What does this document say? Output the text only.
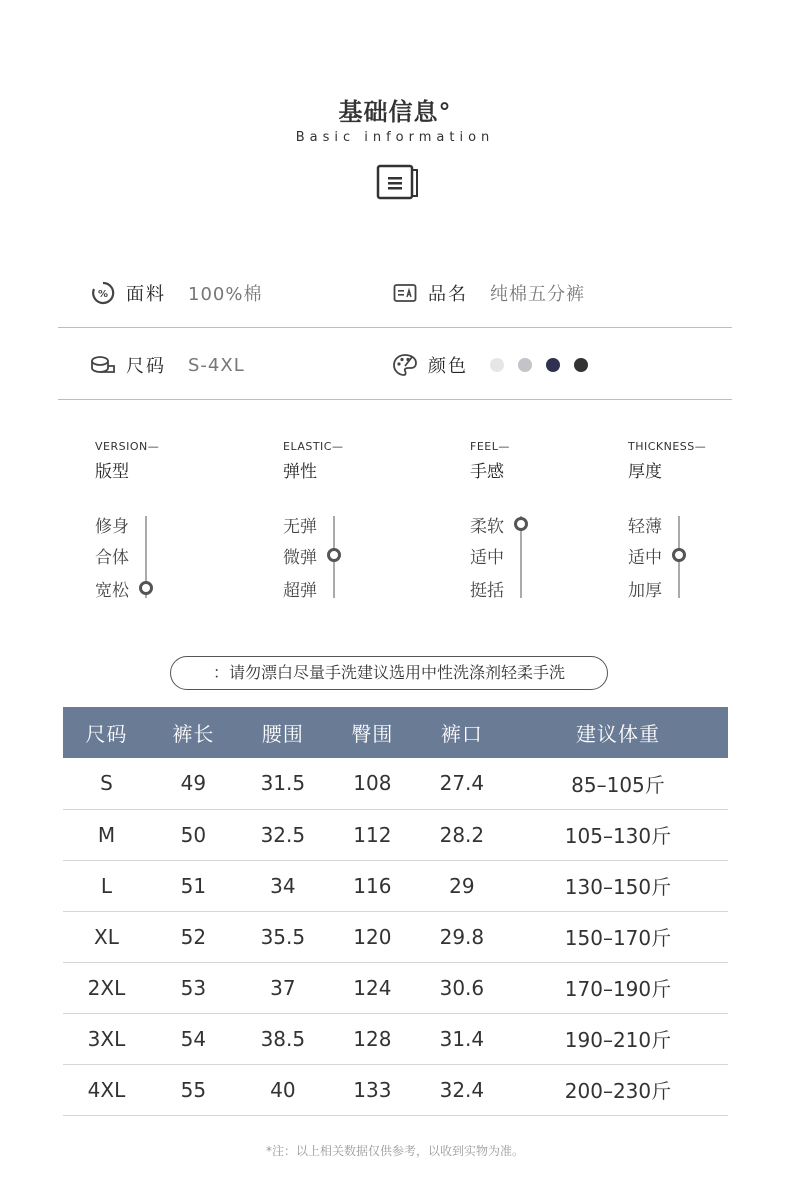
基础信息°
Basic information
% 面料 100%棉	品名 纯棉五分裤
尺码 S-4XL	颜色
VERSION—
版型
修身
合体
宽松
ELASTIC—
弹性
无弹
微弹
超弹
FEEL—
手感
柔软
适中
挺括
THICKNESS—
厚度
轻薄
适中
加厚
：请勿漂白尽量手洗建议选用中性洗涤剂轻柔手洗
尺码	裤长	腰围	臀围	裤口	建议体重
S	49	31.5	108	27.4	85–105斤
M	50	32.5	112	28.2	105–130斤
L	51	34	116	29	130–150斤
XL	52	35.5	120	29.8	150–170斤
2XL	53	37	124	30.6	170–190斤
3XL	54	38.5	128	31.4	190–210斤
4XL	55	40	133	32.4	200–230斤
*注：以上相关数据仅供参考，以收到实物为准。
